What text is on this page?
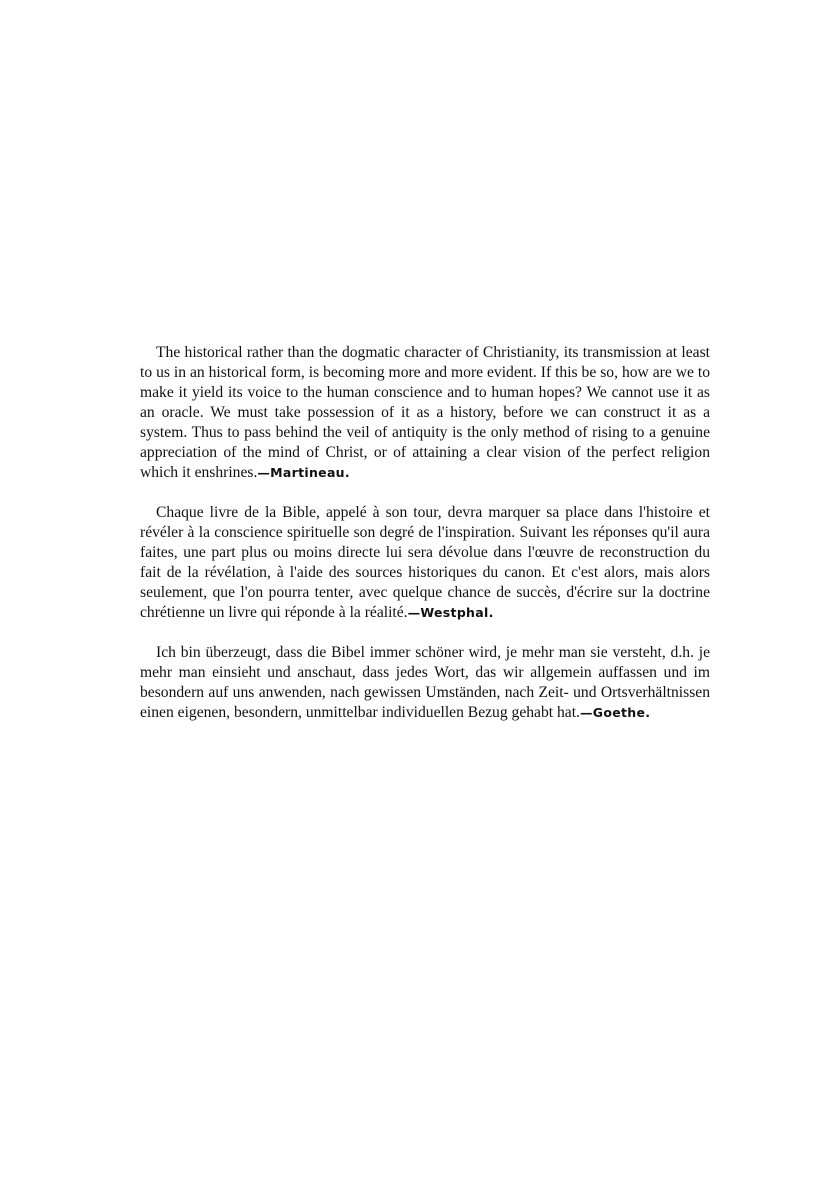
The historical rather than the dogmatic character of Christianity, its transmission at least to us in an historical form, is becoming more and more evident. If this be so, how are we to make it yield its voice to the human conscience and to human hopes? We cannot use it as an oracle. We must take possession of it as a history, before we can construct it as a system. Thus to pass behind the veil of antiquity is the only method of rising to a genuine appreciation of the mind of Christ, or of attaining a clear vision of the perfect religion which it enshrines.—Martineau.

Chaque livre de la Bible, appelé à son tour, devra marquer sa place dans l'histoire et révéler à la conscience spirituelle son degré de l'inspiration. Suivant les réponses qu'il aura faites, une part plus ou moins directe lui sera dévolue dans l'œuvre de reconstruction du fait de la révélation, à l'aide des sources historiques du canon. Et c'est alors, mais alors seulement, que l'on pourra tenter, avec quelque chance de succès, d'écrire sur la doctrine chrétienne un livre qui réponde à la réalité.—Westphal.

Ich bin überzeugt, dass die Bibel immer schöner wird, je mehr man sie versteht, d.h. je mehr man einsieht und anschaut, dass jedes Wort, das wir allgemein auffassen und im besondern auf uns anwenden, nach gewissen Umständen, nach Zeit- und Ortsverhältnissen einen eigenen, besondern, unmittelbar individuellen Bezug gehabt hat.—Goethe.
